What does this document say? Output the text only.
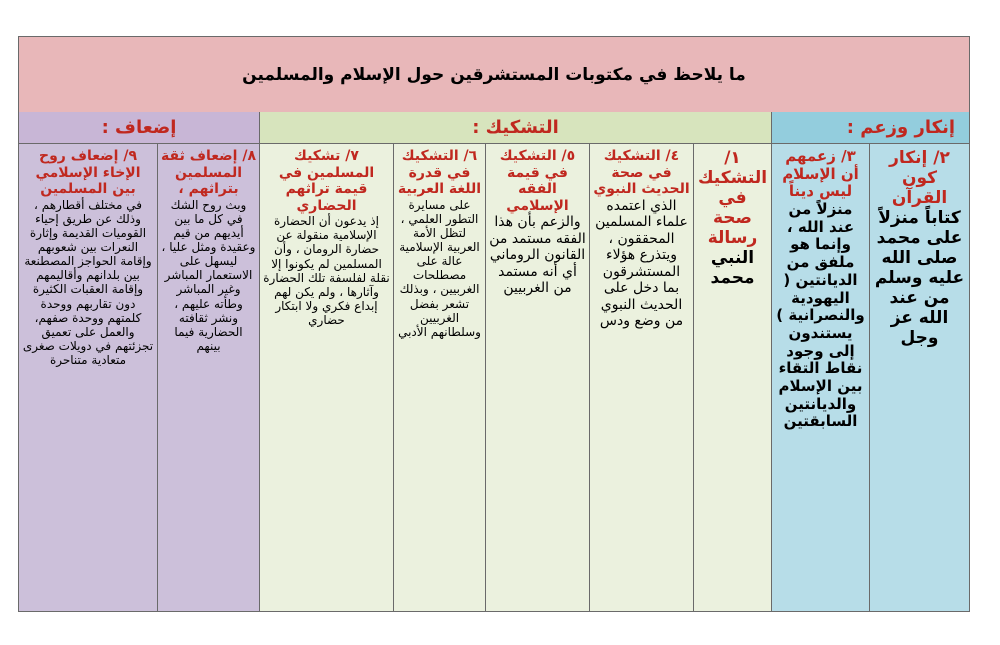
ما يلاحظ في مكتوبات المستشرقين حول الإسلام والمسلمين
إنكار وزعم :
التشكيك :
إضعاف :
٢/ إنكار كون القرآن
كتاباً منزلاً على محمد صلى الله عليه وسلم من عند الله عز وجل
٣/ زعمهم أن الإسلام ليس ديناً
منزلاً من عند الله ، وإنما هو ملفق من الديانتين ( اليهودية والنصرانية ) يستندون إلى وجود نقاط التقاء بين الإسلام والديانتين السابقتين
١/ التشكيك في صحة رسالة
النبي محمد
٤/ التشكيك في صحة الحديث النبوي
الذي اعتمده علماء المسلمين المحققون ، ويتذرع هؤلاء المستشرقون بما دخل على الحديث النبوي من وضع ودس
٥/ التشكيك في قيمة الفقه الإسلامي
والزعم بأن هذا الفقه مستمد من القانون الروماني أي أنه مستمد من الغربيين
٦/ التشكيك في قدرة اللغة العربية
على مسايرة التطور العلمي ، لتظل الأمة العربية الإسلامية عالة على مصطلحات الغربيين ، وبذلك تشعر بفضل الغربيين وسلطانهم الأدبي
٧/ تشكيك المسلمين في قيمة تراثهم الحضاري
إذ يدعون أن الحضارة الإسلامية منقولة عن حضارة الرومان ، وأن المسلمين لم يكونوا إلا نقلة لفلسفة تلك الحضارة وآثارها ، ولم يكن لهم إبداع فكري ولا ابتكار حضاري
٨/ إضعاف ثقة المسلمين بتراثهم ،
وبث روح الشك في كل ما بين أيديهم من قيم وعقيدة ومثل عليا ، ليسهل على الاستعمار المباشر وغير المباشر وطأته عليهم ، ونشر ثقافته الحضارية فيما بينهم
٩/ إضعاف روح الإخاء الإسلامي بين المسلمين
في مختلف أقطارهم ، وذلك عن طريق إحياء القوميات القديمة وإثارة النعرات بين شعوبهم وإقامة الحواجز المصطنعة بين بلدانهم وأقاليمهم وإقامة العقبات الكثيرة دون تقاربهم ووحدة كلمتهم ووحدة صفهم، والعمل على تعميق تجزئتهم في دويلات صغرى متعادية متناحرة
